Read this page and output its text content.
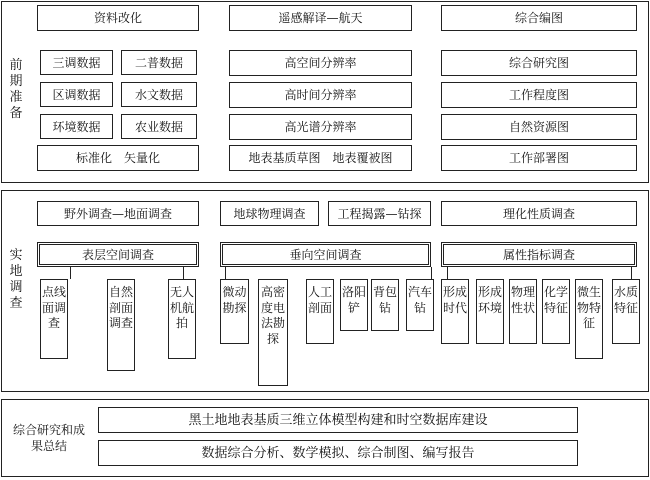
前期准备
资料改化
三调数据	二普数据
区调数据	水文数据
环境数据	农业数据
标准化　矢量化
遥感解译—航天
高空间分辨率
高时间分辨率
高光谱分辨率
地表基质草图　地表覆被图
综合编图
综合研究图
工作程度图
自然资源图
工作部署图
实地调查
野外调查—地面调查	地球物理调查	工程揭露—钻探	理化性质调查
表层空间调查	垂向空间调查	属性指标调查
点线面调查
自然剖面调查
无人机航拍
微动勘探
高密度电法勘探
人工剖面
洛阳铲
背包钻
汽车钻
形成时代
形成环境
物理性状
化学特征
微生物特征
水质特征
综合研究和成果总结
黑土地地表基质三维立体模型构建和时空数据库建设
数据综合分析、数学模拟、综合制图、编写报告
